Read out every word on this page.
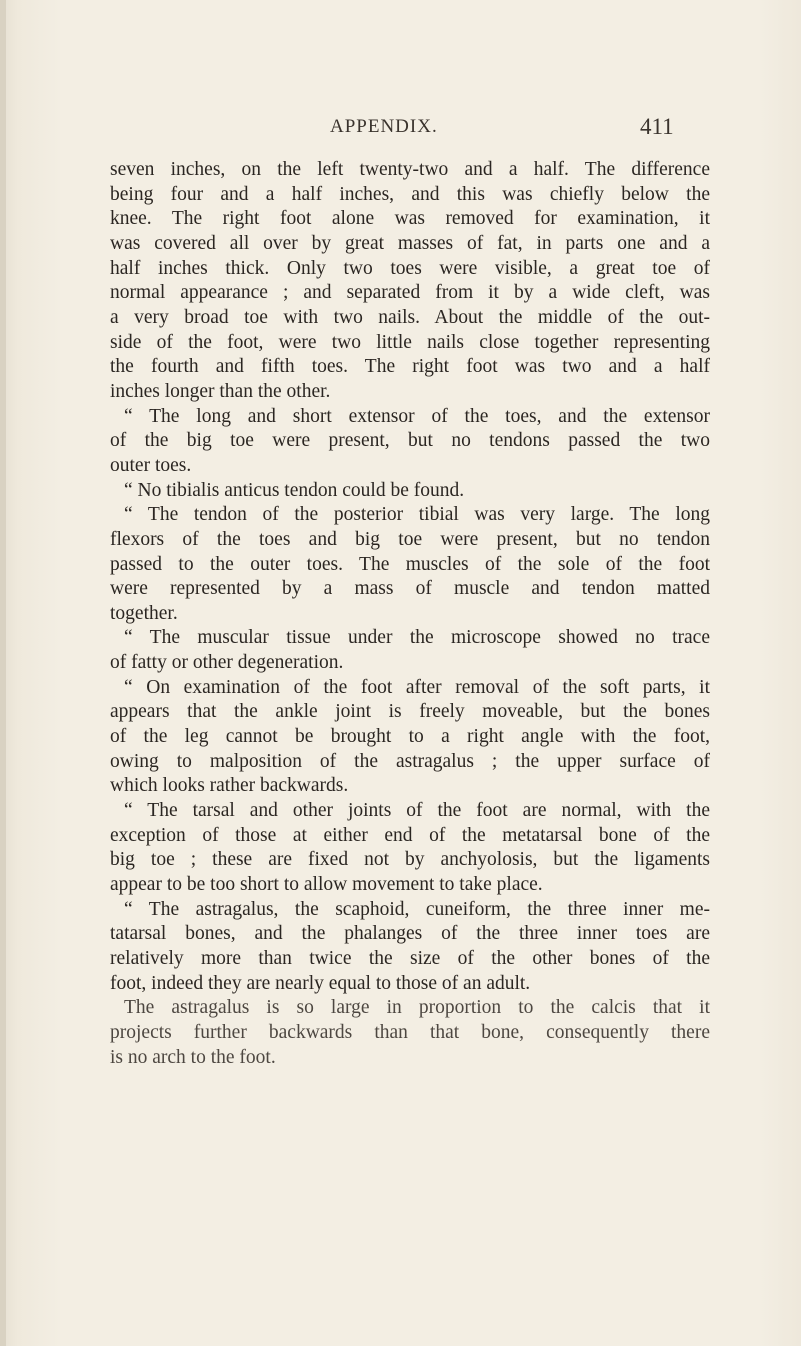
APPENDIX.	411
seven inches, on the left twenty-two and a half. The difference
being four and a half inches, and this was chiefly below the
knee. The right foot alone was removed for examination, it
was covered all over by great masses of fat, in parts one and a
half inches thick. Only two toes were visible, a great toe of
normal appearance ; and separated from it by a wide cleft, was
a very broad toe with two nails. About the middle of the out-
side of the foot, were two little nails close together representing
the fourth and fifth toes. The right foot was two and a half
inches longer than the other.
“ The long and short extensor of the toes, and the extensor
of the big toe were present, but no tendons passed the two
outer toes.
“ No tibialis anticus tendon could be found.
“ The tendon of the posterior tibial was very large. The long
flexors of the toes and big toe were present, but no tendon
passed to the outer toes. The muscles of the sole of the foot
were represented by a mass of muscle and tendon matted
together.
“ The muscular tissue under the microscope showed no trace
of fatty or other degeneration.
“ On examination of the foot after removal of the soft parts, it
appears that the ankle joint is freely moveable, but the bones
of the leg cannot be brought to a right angle with the foot,
owing to malposition of the astragalus ; the upper surface of
which looks rather backwards.
“ The tarsal and other joints of the foot are normal, with the
exception of those at either end of the metatarsal bone of the
big toe ; these are fixed not by anchyolosis, but the ligaments
appear to be too short to allow movement to take place.
“ The astragalus, the scaphoid, cuneiform, the three inner me-
tatarsal bones, and the phalanges of the three inner toes are
relatively more than twice the size of the other bones of the
foot, indeed they are nearly equal to those of an adult.
The astragalus is so large in proportion to the calcis that it
projects further backwards than that bone, consequently there
is no arch to the foot.
